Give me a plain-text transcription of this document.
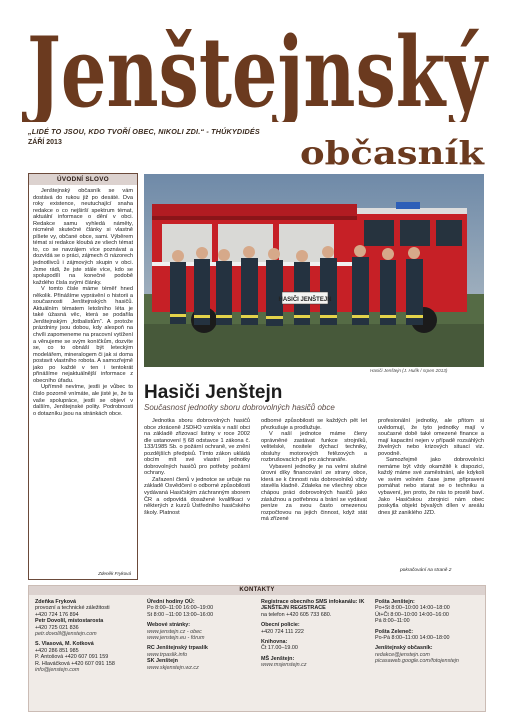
Jenštejnský
„LIDÉ TO JSOU, KDO TVOŘÍ OBEC, NIKOLI ZDI.“ - THÚKYDIDÉS
ZÁŘÍ 2013	občasník
ÚVODNÍ SLOVO

Jenštejnský občasník se vám dostává do rukou již po desáté. Dva roky existence, neutuchající snaha redakce o co nejširší spektrum témat, aktuální informace o dění v obci. Redakce samu vyhledá náměty, nicméně skutečné články si vlastně píšete vy, občané obce, sami. Výběrem témat si redakce kloubá ze všech témat to, co se navzájem více poznávat a dozvídá se o práci, zájmech či názorech jednotlivců i zájmových skupin v obci. Jsme rádi, že jste stále více, kdo se spolupodílí na konečné podobě každého čísla svými články.

V tomto čísle máme téměř hned několik. Přinášíme vyprávění o historii a současnosti Jenštejnských hasičů. Aktuálním tématem letošního léta je také úžasná věc, která se podařila Jenštejnským „fotbalistům“. A protože prázdniny jsou dobou, kdy alespoň na chvíli zapomeneme na pracovní vytížení a věnujeme se svým koníčkům, dozvíte se, co to obnáší být leteckým modelářem, mineralogem či jak si doma postavit vlastního robota. A samozřejmě jako po každé v ten i tentokrát přinášíme nejaktuálnější informace z obecního úřadu.

Upřímně nevíme, jestli je vůbec to číslo pozorně vnímáte, ale jisté je, že ta vaše spolupráce, jestli se objeví v dalším, Jenštejnské polity. Podrobnosti o dotazníku jsou na stránkách obce.

Zdeněk Fryková
HASIČI JENŠTEJN
Hasiči Jenštejn (J. Hulík / srpen 2013)
Hasiči Jenštejn
Současnost jednotky sboru dobrovolných hasičů obce

Jednotka sboru dobrovolných hasičů obce zkráceně JSDHO vznikla v naší obci na základě zřizovací listiny v roce 2002 dle ustanovení § 68 odstavce 1 zákona č. 133/1985 Sb. o požární ochraně, ve znění pozdějších předpisů. Tímto zákon ukládá obcím mít své vlastní jednotky dobrovolných hasičů pro potřeby požární ochrany.

Zařazení členů v jednotce se určuje na základě Osvědčení o odborné způsobilosti vydávaná Hasičským záchranným sborem ČR a odpovídá dosažené kvalifikaci v některých z kurzů Ústředního hasičského školy. Platnost

odborné způsobilosti se každých pět let přezkušuje a prodlužuje.

V naší jednotce máme členy oprávněné zastávat funkce strojníků, velitelské, nositele dýchací techniky, obsluhy motorových řetězových a rozbrušovacích pil pro záchranáře.

Vybavení jednotky je na velmi slušné úrovni díky financování ze strany obce, která se k činnosti nás dobrovolníků vždy stavěla kladně. Zdaleka ne všechny obce chápou práci dobrovolných hasičů jako záslužnou a potřebnou a brání se vydávat peníze za svou často omezenou rozpočtovou na jejich činnost, když stát má zřízené

profesionální jednotky, ale přitom si uvědomují, že tyto jednotky mají v současné době také omezené finance a mají kapacitní nejen v případě rozsáhlých živelných nebo krizových situací viz. povodně.

Samozřejmě jako dobrovolníci nemáme být vždy okamžitě k dispozici, každý máme své zaměstnání, ale kdykoli ve svém volném čase jsme připraveni pomáhat nebo starat se o techniku a vybavení, jen proto, že nás to prostě baví. Jako Hasičskou zbrojnici nám obec poskytla objekt bývalých dílen v areálu dnes již zaniklého JZD.

pokračování na straně 2
KONTAKTY
Zdeňka Fryková
provozní a technické záležitosti
+420 724 176 894
Petr Dovolil, místostarosta
+420 725 021 836
petr.dovolil@jenstejn.com
S. Vlasová, M. Kotková
+420 286 851 985
P. Antošová +420 607 091 159
R. Hlaváčková +420 607 091 158
info@jenstejn.com
Úřední hodiny OÚ:
Po 8:00–11:00 16:00–19:00
St 8:00 –11:00 13:00–16:00
Webové stránky:
www.jenstejn.cz - obec
www.jenstejn.eu - fórum
RC Jenštejnský trpaslík
www.trpaslik.info
SK Jenštejn
www.skjenstejn.wz.cz
Registrace obecního SMS infokanálu: IK JENŠTEJN REGISTRACE
na telefon +420 605 733 680.
Obecní policie:
+420 724 111 222
Knihovna:
Čt 17.00–19.00
MŠ Jenštejn:
www.msjenstejn.cz
Pošta Jenštejn:
Po+St 8:00–10:00 14:00–18:00
Út+Čt 8:00–10:00 14:00–16:00
Pá 8:00–11:00
Pošta Zeleneč:
Po-Pá 8:00–11:00 14:00–18:00
Jenštejnský občasník:
redakce@jenstejn.com
picasaweb.google.com/fotojenstejn
